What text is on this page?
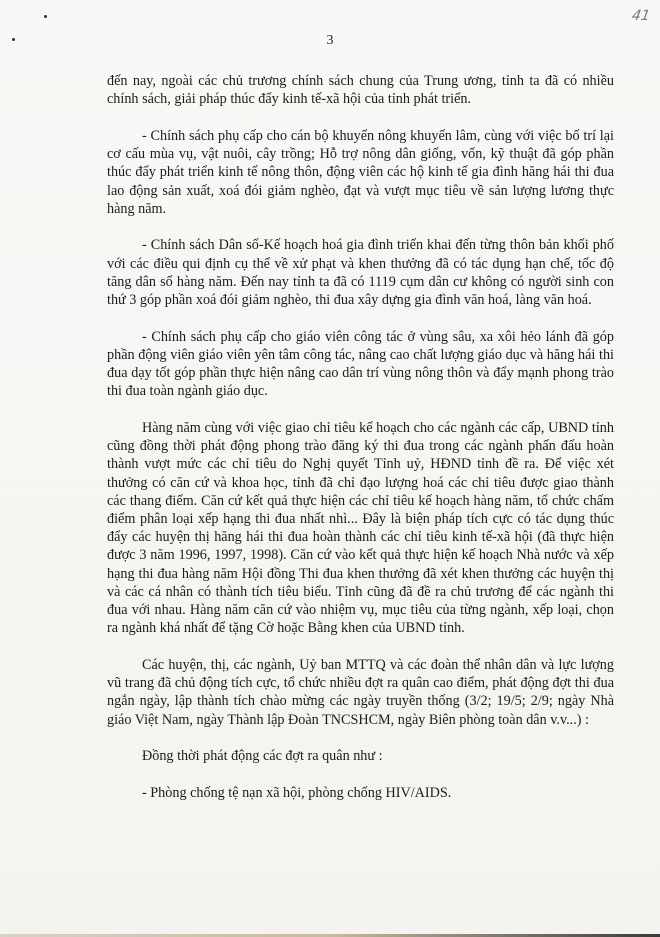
41
3

đến nay, ngoài các chủ trương chính sách chung của Trung ương, tỉnh ta đã có nhiều chính sách, giải pháp thúc đẩy kinh tế-xã hội của tỉnh phát triển.

- Chính sách phụ cấp cho cán bộ khuyến nông khuyến lâm, cùng với việc bố trí lại cơ cấu mùa vụ, vật nuôi, cây trồng; Hỗ trợ nông dân giống, vốn, kỹ thuật đã góp phần thúc đẩy phát triển kinh tế nông thôn, động viên các hộ kinh tế gia đình hăng hái thi đua lao động sản xuất, xoá đói giảm nghèo, đạt và vượt mục tiêu về sản lượng lương thực hàng năm.

- Chính sách Dân số-Kế hoạch hoá gia đình triển khai đến từng thôn bản khối phố với các điều qui định cụ thể về xử phạt và khen thưởng đã có tác dụng hạn chế, tốc độ tăng dân số hàng năm. Đến nay tỉnh ta đã có 1119 cụm dân cư không có người sinh con thứ 3 góp phần xoá đói giảm nghèo, thi đua xây dựng gia đình văn hoá, làng văn hoá.

- Chính sách phụ cấp cho giáo viên công tác ở vùng sâu, xa xôi hẻo lánh đã góp phần động viên giáo viên yên tâm công tác, nâng cao chất lượng giáo dục và hăng hái thi đua dạy tốt góp phần thực hiện nâng cao dân trí vùng nông thôn và đẩy mạnh phong trào thi đua toàn ngành giáo dục.

Hàng năm cùng với việc giao chỉ tiêu kế hoạch cho các ngành các cấp, UBND tỉnh cũng đồng thời phát động phong trào đăng ký thi đua trong các ngành phấn đấu hoàn thành vượt mức các chỉ tiêu do Nghị quyết Tỉnh uỷ, HĐND tỉnh đề ra. Để việc xét thưởng có căn cứ và khoa học, tỉnh đã chỉ đạo lượng hoá các chỉ tiêu được giao thành các thang điểm. Căn cứ kết quả thực hiện các chỉ tiêu kế hoạch hàng năm, tổ chức chấm điểm phân loại xếp hạng thi đua nhất nhì... Đây là biện pháp tích cực có tác dụng thúc đẩy các huyện thị hăng hái thi đua hoàn thành các chỉ tiêu kinh tế-xã hội (đã thực hiện được 3 năm 1996, 1997, 1998). Căn cứ vào kết quả thực hiện kế hoạch Nhà nước và xếp hạng thi đua hàng năm Hội đồng Thi đua khen thưởng đã xét khen thưởng các huyện thị và các cá nhân có thành tích tiêu biểu. Tỉnh cũng đã đề ra chủ trương để các ngành thi đua với nhau. Hàng năm căn cứ vào nhiệm vụ, mục tiêu của từng ngành, xếp loại, chọn ra ngành khá nhất để tặng Cờ hoặc Bằng khen của UBND tỉnh.

Các huyện, thị, các ngành, Uỷ ban MTTQ và các đoàn thể nhân dân và lực lượng vũ trang đã chủ động tích cực, tổ chức nhiều đợt ra quân cao điểm, phát động đợt thi đua ngắn ngày, lập thành tích chào mừng các ngày truyền thống (3/2; 19/5; 2/9; ngày Nhà giáo Việt Nam, ngày Thành lập Đoàn TNCSHCM, ngày Biên phòng toàn dân v.v...) :

Đồng thời phát động các đợt ra quân như :

- Phòng chống tệ nạn xã hội, phòng chống HIV/AIDS.
